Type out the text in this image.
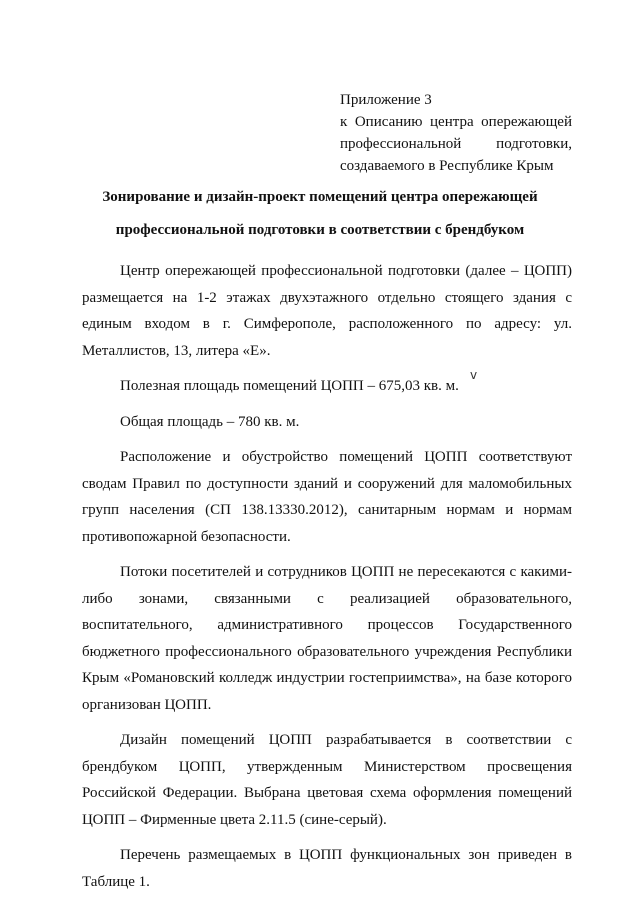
Приложение 3
к Описанию центра опережающей
профессиональной подготовки,
создаваемого в Республике Крым
Зонирование и дизайн-проект помещений центра опережающей
профессиональной подготовки в соответствии с брендбуком

Центр опережающей профессиональной подготовки (далее – ЦОПП) размещается на 1-2 этажах двухэтажного отдельно стоящего здания с единым входом в г. Симферополе, расположенного по адресу: ул. Металлистов, 13, литера «Е».

Полезная площадь помещений ЦОПП – 675,03 кв. м.

Общая площадь – 780 кв. м.

Расположение и обустройство помещений ЦОПП соответствуют сводам Правил по доступности зданий и сооружений для маломобильных групп населения (СП 138.13330.2012), санитарным нормам и нормам противопожарной безопасности.

Потоки посетителей и сотрудников ЦОПП не пересекаются с какими-либо зонами, связанными с реализацией образовательного, воспитательного, административного процессов Государственного бюджетного профессионального образовательного учреждения Республики Крым «Романовский колледж индустрии гостеприимства», на базе которого организован ЦОПП.

Дизайн помещений ЦОПП разрабатывается в соответствии с брендбуком ЦОПП, утвержденным Министерством просвещения Российской Федерации. Выбрана цветовая схема оформления помещений ЦОПП – Фирменные цвета 2.11.5 (сине-серый).

Перечень размещаемых в ЦОПП функциональных зон приведен в Таблице 1.

v
